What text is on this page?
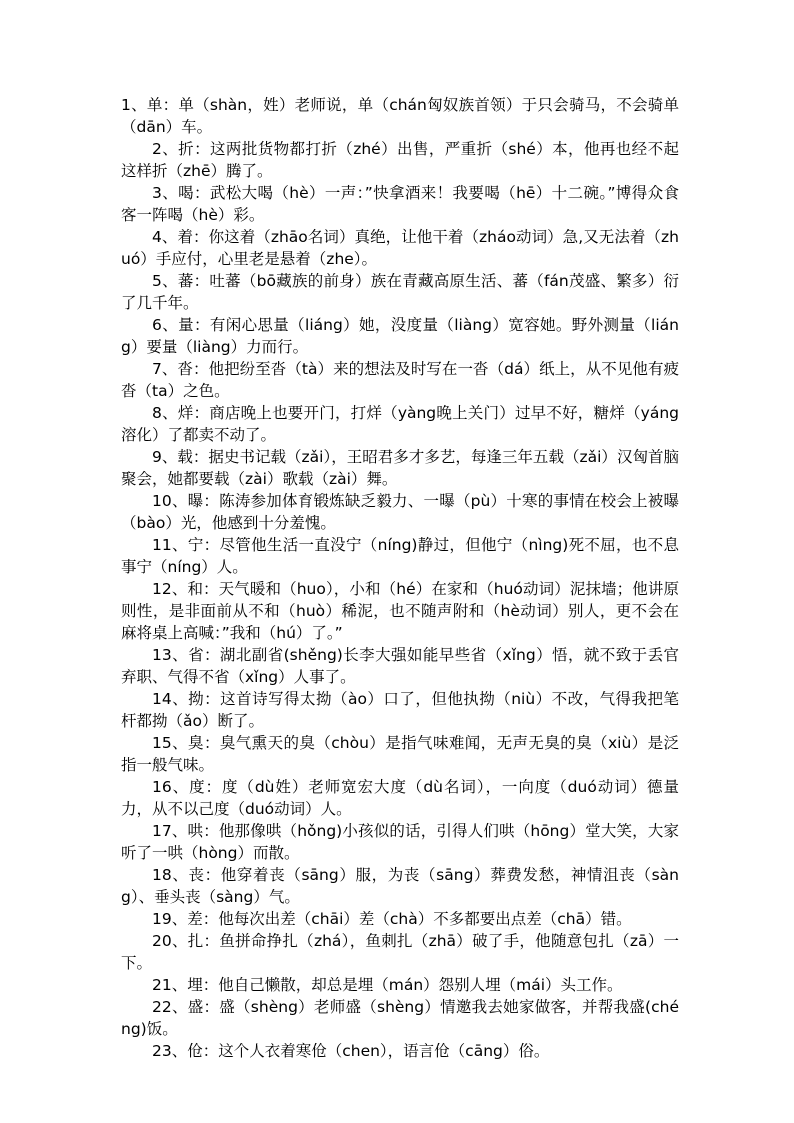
1、单：单（shàn，姓）老师说，单（chán匈奴族首领）于只会骑马，不会骑单（dān）车。

2、折：这两批货物都打折（zhé）出售，严重折（shé）本，他再也经不起这样折（zhē）腾了。

3、喝：武松大喝（hè）一声：”快拿酒来！我要喝（hē）十二碗。”博得众食客一阵喝（hè）彩。

4、着：你这着（zhāo名词）真绝，让他干着（zháo动词）急,又无法着（zhuó）手应付，心里老是悬着（zhe）。

5、蕃：吐蕃（bō藏族的前身）族在青藏高原生活、蕃（fán茂盛、繁多）衍了几千年。

6、量：有闲心思量（liáng）她，没度量（liàng）宽容她。野外测量（liáng）要量（liàng）力而行。

7、沓：他把纷至沓（tà）来的想法及时写在一沓（dá）纸上，从不见他有疲沓（ta）之色。

8、烊：商店晚上也要开门，打烊（yàng晚上关门）过早不好，糖烊（yáng溶化）了都卖不动了。

9、载：据史书记载（zǎi），王昭君多才多艺，每逢三年五载（zǎi）汉匈首脑聚会，她都要载（zài）歌载（zài）舞。

10、曝：陈涛参加体育锻炼缺乏毅力、一曝（pù）十寒的事情在校会上被曝（bào）光，他感到十分羞愧。

11、宁：尽管他生活一直没宁（níng)静过，但他宁（nìng)死不屈，也不息事宁（níng）人。

12、和：天气暖和（huo），小和（hé）在家和（huó动词）泥抹墙；他讲原则性，是非面前从不和（huò）稀泥，也不随声附和（hè动词）别人，更不会在麻将桌上高喊：”我和（hú）了。”

13、省：湖北副省(shěng)长李大强如能早些省（xǐng）悟，就不致于丢官弃职、气得不省（xǐng）人事了。

14、拗：这首诗写得太拗（ào）口了，但他执拗（niù）不改，气得我把笔杆都拗（ǎo）断了。

15、臭：臭气熏天的臭（chòu）是指气味难闻，无声无臭的臭（xiù）是泛指一般气味。

16、度：度（dù姓）老师宽宏大度（dù名词），一向度（duó动词）德量力，从不以己度（duó动词）人。

17、哄：他那像哄（hǒng)小孩似的话，引得人们哄（hōng）堂大笑，大家听了一哄（hòng）而散。

18、丧：他穿着丧（sāng）服，为丧（sāng）葬费发愁，神情沮丧（sàng）、垂头丧（sàng）气。

19、差：他每次出差（chāi）差（chà）不多都要出点差（chā）错。

20、扎：鱼拼命挣扎（zhá），鱼刺扎（zhā）破了手，他随意包扎（zā）一下。

21、埋：他自己懒散，却总是埋（mán）怨别人埋（mái）头工作。

22、盛：盛（shèng）老师盛（shèng）情邀我去她家做客，并帮我盛(chéng)饭。

23、伧：这个人衣着寒伧（chen），语言伧（cāng）俗。
